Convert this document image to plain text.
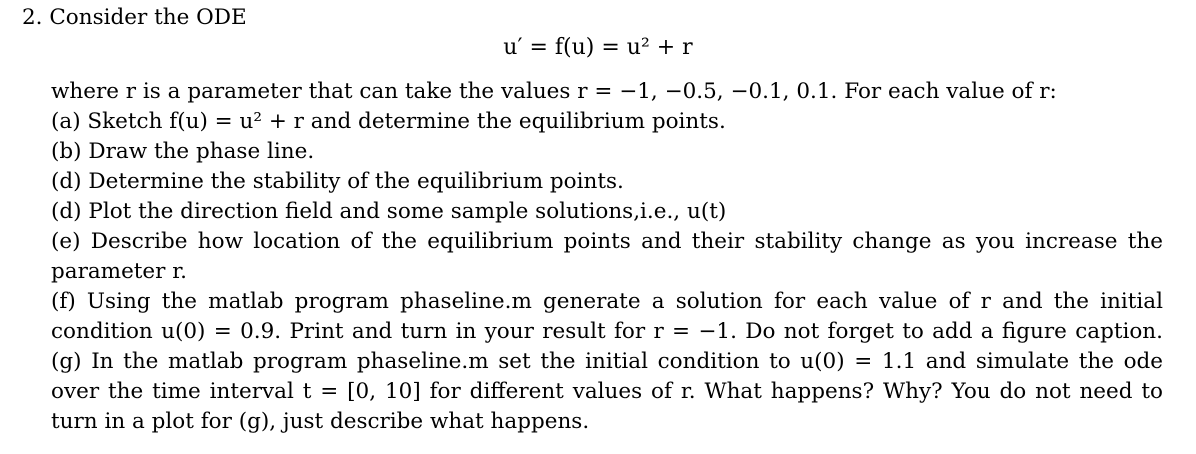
2. Consider the ODE
u′ = f(u) = u² + r
where r is a parameter that can take the values r = −1, −0.5, −0.1, 0.1. For each value of r:
(a) Sketch f(u) = u² + r and determine the equilibrium points.
(b) Draw the phase line.
(d) Determine the stability of the equilibrium points.
(d) Plot the direction field and some sample solutions,i.e., u(t)
(e) Describe how location of the equilibrium points and their stability change as you increase the
parameter r.
(f) Using the matlab program phaseline.m generate a solution for each value of r and the initial
condition u(0) = 0.9. Print and turn in your result for r = −1. Do not forget to add a figure caption.
(g) In the matlab program phaseline.m set the initial condition to u(0) = 1.1 and simulate the ode
over the time interval t = [0, 10] for different values of r. What happens? Why? You do not need to
turn in a plot for (g), just describe what happens.
